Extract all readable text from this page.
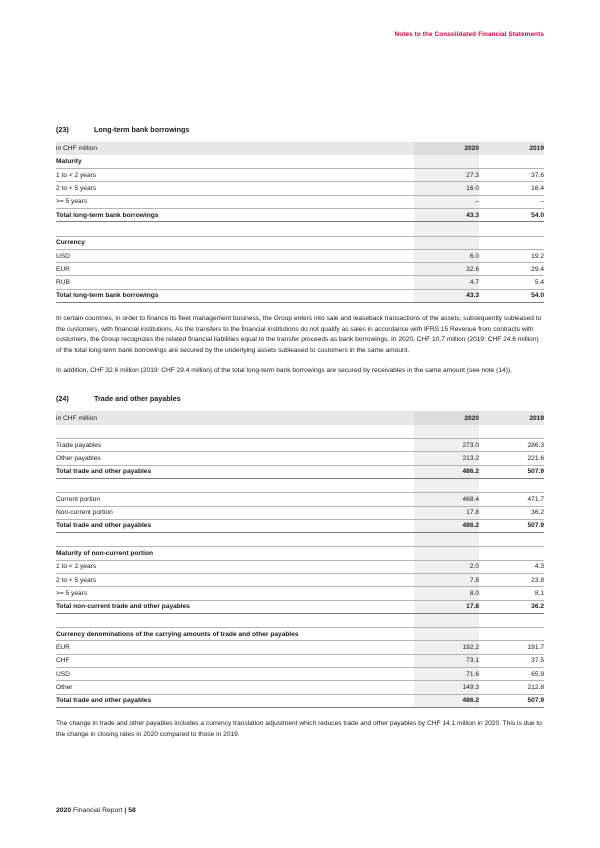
Notes to the Consolidated Financial Statements
(23)	Long-term bank borrowings
in CHF million	2020	2019
Maturity		
1 to < 2 years	27.3	37.6
2 to < 5 years	16.0	16.4
>= 5 years	–	–
Total long-term bank borrowings	43.3	54.0

Currency		
USD	6.0	19.2
EUR	32.6	29.4
RUB	4.7	5.4
Total long-term bank borrowings	43.3	54.0

In certain countries, in order to finance its fleet management business, the Group enters into sale and leaseback transactions of the assets, subsequently subleased to the customers, with financial institutions. As the transfers to the financial institutions do not qualify as sales in accordance with IFRS 15 Revenue from contracts with customers, the Group recognizes the related financial liabilities equal to the transfer proceeds as bank borrowings. In 2020, CHF 10.7 million (2019: CHF 24.6 million) of the total long-term bank borrowings are secured by the underlying assets subleased to customers in the same amount.

In addition, CHF 32.6 million (2019: CHF 29.4 million) of the total long-term bank borrowings are secured by receivables in the same amount (see note (14)).

(24)	Trade and other payables
in CHF million	2020	2019

Trade payables	273.0	286.3
Other payables	213.2	221.6
Total trade and other payables	486.2	507.9

Current portion	468.4	471.7
Non-current portion	17.8	36.2
Total trade and other payables	486.2	507.9

Maturity of non-current portion		
1 to < 2 years	2.0	4.3
2 to < 5 years	7.8	23.8
>= 5 years	8.0	8.1
Total non-current trade and other payables	17.8	36.2

Currency denominations of the carrying amounts of trade and other payables		
EUR	192.2	191.7
CHF	73.1	37.5
USD	71.6	65.9
Other	149.3	212.8
Total trade and other payables	486.2	507.9

The change in trade and other payables includes a currency translation adjustment which reduces trade and other payables by CHF 14.1 million in 2020. This is due to the change in closing rates in 2020 compared to those in 2019.

2020 Financial Report | 58
